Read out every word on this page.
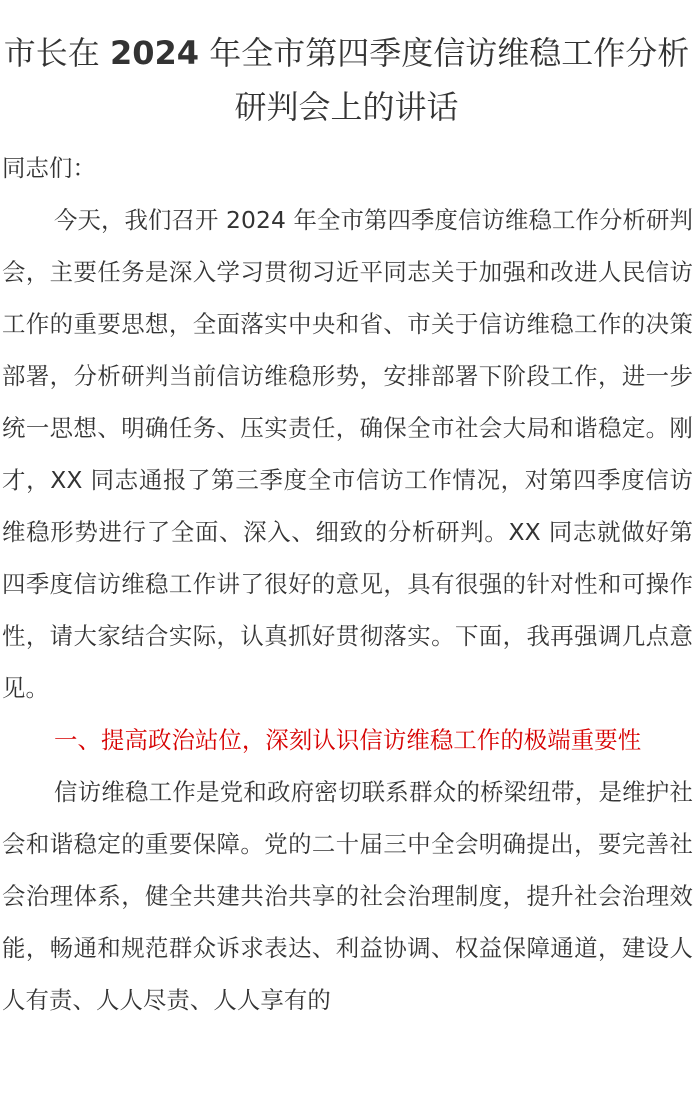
市长在 2024 年全市第四季度信访维稳工作分析研判会上的讲话

同志们：

今天，我们召开 2024 年全市第四季度信访维稳工作分析研判会，主要任务是深入学习贯彻习近平同志关于加强和改进人民信访工作的重要思想，全面落实中央和省、市关于信访维稳工作的决策部署，分析研判当前信访维稳形势，安排部署下阶段工作，进一步统一思想、明确任务、压实责任，确保全市社会大局和谐稳定。刚才，XX 同志通报了第三季度全市信访工作情况，对第四季度信访维稳形势进行了全面、深入、细致的分析研判。XX 同志就做好第四季度信访维稳工作讲了很好的意见，具有很强的针对性和可操作性，请大家结合实际，认真抓好贯彻落实。下面，我再强调几点意见。

一、提高政治站位，深刻认识信访维稳工作的极端重要性

信访维稳工作是党和政府密切联系群众的桥梁纽带，是维护社会和谐稳定的重要保障。党的二十届三中全会明确提出，要完善社会治理体系，健全共建共治共享的社会治理制度，提升社会治理效能，畅通和规范群众诉求表达、利益协调、权益保障通道，建设人人有责、人人尽责、人人享有的
